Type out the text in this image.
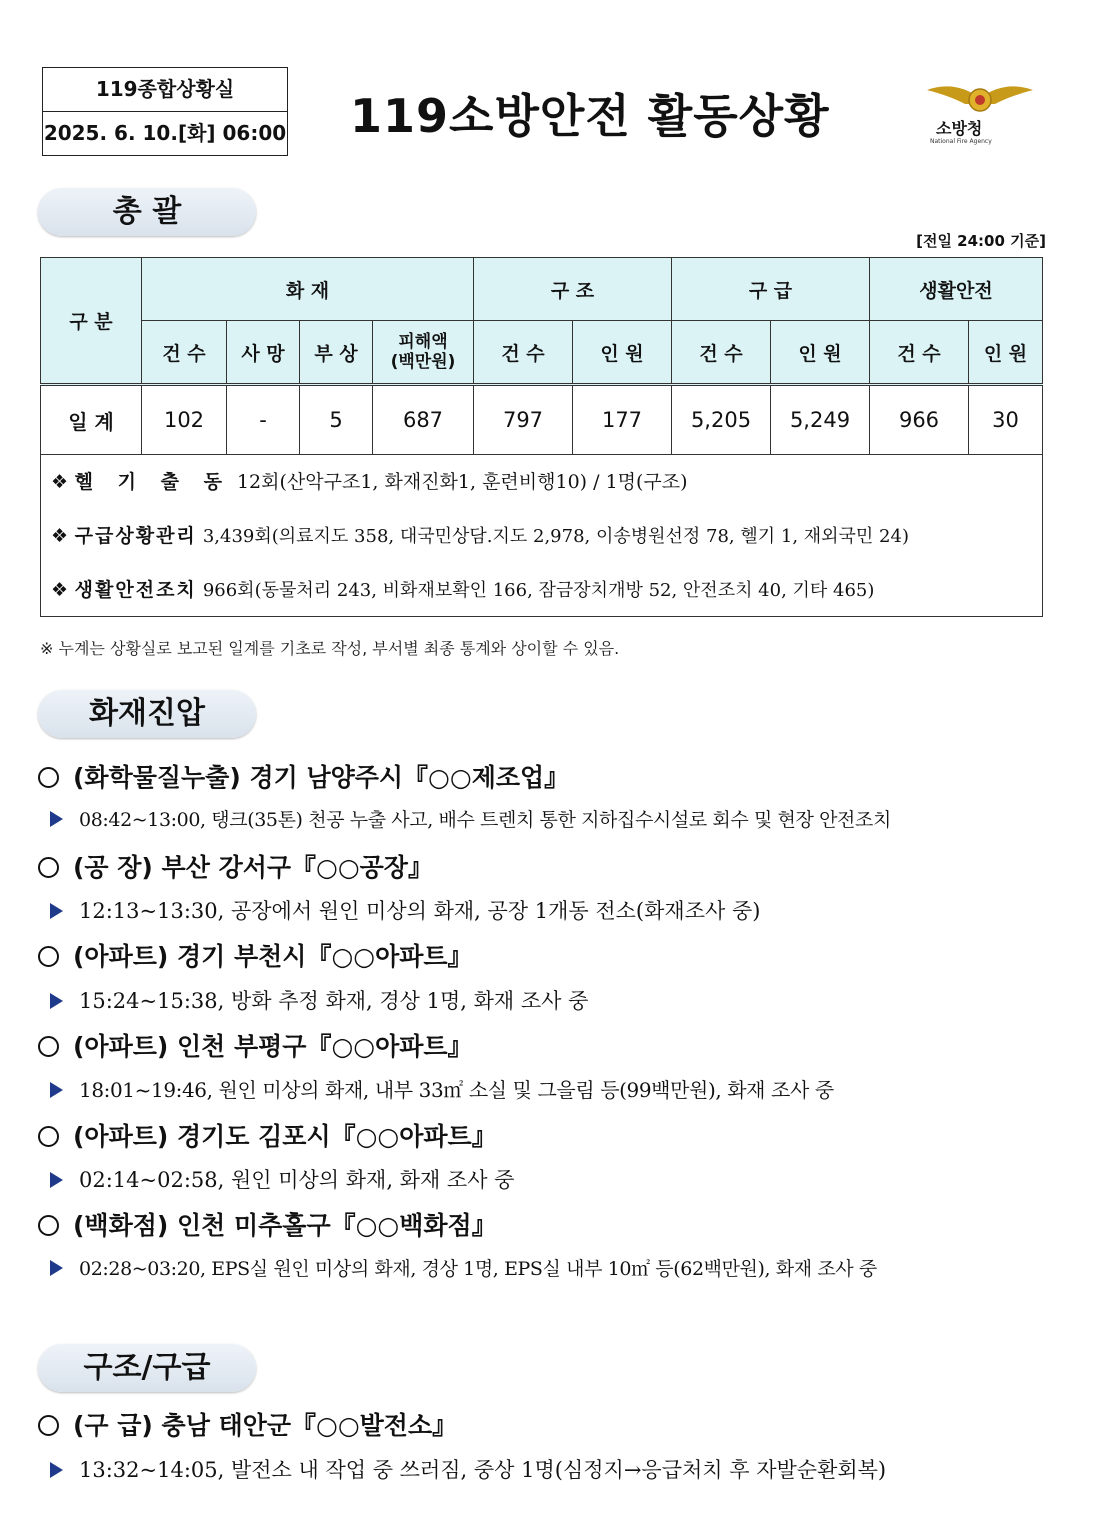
119종합상황실
2025. 6. 10.[화] 06:00 119소방안전 활동상황	소방청
National Fire Agency
총 괄
[전일 24:00 기준]
구 분	화 재				구 조		구 급		생활안전	
	건 수	사 망	부 상	피해액
(백만원)	건 수	인 원	건 수	인 원	건 수	인 원
일 계	102	-	5	687	797	177	5,205	5,249	966	30
❖ 헬 기 출 동 12회(산악구조1, 화재진화1, 훈련비행10) / 1명(구조)
❖ 구급상황관리 3,439회(의료지도 358, 대국민상담.지도 2,978, 이송병원선정 78, 헬기 1, 재외국민 24)
❖ 생활안전조치 966회(동물처리 243, 비화재보확인 166, 잠금장치개방 52, 안전조치 40, 기타 465)
※ 누계는 상황실로 보고된 일계를 기초로 작성, 부서별 최종 통계와 상이할 수 있음.
화재진압
(화학물질누출) 경기 남양주시『○○제조업』
08:42~13:00, 탱크(35톤) 천공 누출 사고, 배수 트렌치 통한 지하집수시설로 회수 및 현장 안전조치
(공 장) 부산 강서구『○○공장』
12:13~13:30, 공장에서 원인 미상의 화재, 공장 1개동 전소(화재조사 중)
(아파트) 경기 부천시『○○아파트』
15:24~15:38, 방화 추정 화재, 경상 1명, 화재 조사 중
(아파트) 인천 부평구『○○아파트』
18:01~19:46, 원인 미상의 화재, 내부 33㎡ 소실 및 그을림 등(99백만원), 화재 조사 중
(아파트) 경기도 김포시『○○아파트』
02:14~02:58, 원인 미상의 화재, 화재 조사 중
(백화점) 인천 미추홀구『○○백화점』
02:28~03:20, EPS실 원인 미상의 화재, 경상 1명, EPS실 내부 10㎡ 등(62백만원), 화재 조사 중
구조/구급
(구 급) 충남 태안군『○○발전소』
13:32~14:05, 발전소 내 작업 중 쓰러짐, 중상 1명(심정지→응급처치 후 자발순환회복)
